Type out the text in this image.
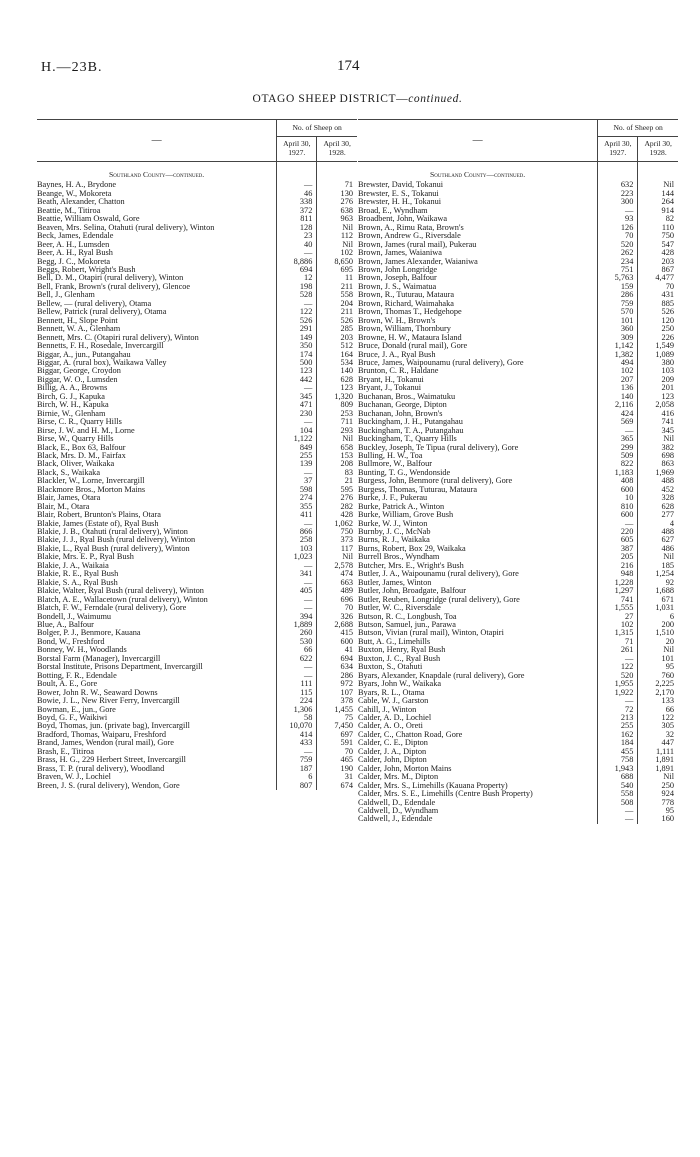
H.—23B.	174
OTAGO SHEEP DISTRICT—continued.
—	No. of Sheep on	
	April 30,
1927.	April 30,
1928.
Southland County—continued.		
Baynes, H. A., Brydone	—	71
Beange, W., Mokoreta	46	130
Beath, Alexander, Chatton	338	276
Beattie, M., Titiroa	372	638
Beattie, William Oswald, Gore	811	963
Beaven, Mrs. Selina, Otahuti (rural delivery), Winton	128	Nil
Beck, James, Edendale	23	112
Beer, A. H., Lumsden	40	Nil
Beer, A. H., Ryal Bush	—	102
Begg, J. C., Mokoreta	8,886	8,650
Beggs, Robert, Wright's Bush	694	695
Bell, D. M., Otapiri (rural delivery), Winton	12	11
Bell, Frank, Brown's (rural delivery), Glencoe	198	211
Bell, J., Glenham	528	558
Bellew, — (rural delivery), Otama	—	204
Bellew, Patrick (rural delivery), Otama	122	211
Bennett, H., Slope Point	526	526
Bennett, W. A., Glenham	291	285
Bennett, Mrs. C. (Otapiri rural delivery), Winton	149	203
Bennetts, F. H., Rosedale, Invercargill	350	512
Biggar, A., jun., Putangahau	174	164
Biggar, A. (rural box), Waikawa Valley	500	534
Biggar, George, Croydon	123	140
Biggar, W. O., Lumsden	442	628
Billig, A. A., Browns	—	123
Birch, G. J., Kapuka	345	1,320
Birch, W. H., Kapuka	471	809
Birnie, W., Glenham	230	253
Birse, C. R., Quarry Hills	—	711
Birse, J. W. and H. M., Lorne	104	293
Birse, W., Quarry Hills	1,122	Nil
Black, E., Box 63, Balfour	849	658
Black, Mrs. D. M., Fairfax	255	153
Black, Oliver, Waikaka	139	208
Black, S., Waikaka	—	83
Blackler, W., Lorne, Invercargill	37	21
Blackmore Bros., Morton Mains	598	595
Blair, James, Otara	274	276
Blair, M., Otara	355	282
Blair, Robert, Brunton's Plains, Otara	411	428
Blakie, James (Estate of), Ryal Bush	—	1,062
Blakie, J. B., Otahuti (rural delivery), Winton	866	750
Blakie, J. J., Ryal Bush (rural delivery), Winton	258	373
Blakie, L., Ryal Bush (rural delivery), Winton	103	117
Blakie, Mrs. E. P., Ryal Bush	1,023	Nil
Blakie, J. A., Waikaia	—	2,578
Blakie, R. E., Ryal Bush	341	474
Blakie, S. A., Ryal Bush	—	663
Blakie, Walter, Ryal Bush (rural delivery), Winton	405	489
Blatch, A. E., Wallacetown (rural delivery), Winton	—	696
Blatch, F. W., Ferndale (rural delivery), Gore	—	70
Bondell, J., Waimumu	394	326
Blue, A., Balfour	1,889	2,688
Bolger, P. J., Benmore, Kauana	260	415
Bond, W., Freshford	530	600
Bonney, W. H., Woodlands	66	41
Borstal Farm (Manager), Invercargill	622	694
Borstal Institute, Prisons Department, Invercargill	—	634
Botting, F. R., Edendale	—	286
Boult, A. E., Gore	111	972
Bower, John R. W., Seaward Downs	115	107
Bowie, J. L., New River Ferry, Invercargill	224	378
Bowman, E., jun., Gore	1,306	1,455
Boyd, G. F., Waikiwi	58	75
Boyd, Thomas, jun. (private bag), Invercargill	10,070	7,450
Bradford, Thomas, Waiparu, Freshford	414	697
Brand, James, Wendon (rural mail), Gore	433	591
Brash, E., Titiroa	—	70
Brass, H. G., 229 Herbert Street, Invercargill	759	465
Brass, T. P. (rural delivery), Woodland	187	190
Braven, W. J., Lochiel	6	31
Breen, J. S. (rural delivery), Wendon, Gore	807	674
—	No. of Sheep on	
	April 30,
1927.	April 30,
1928.
Southland County—continued.		
Brewster, David, Tokanui	632	Nil
Brewster, E. S., Tokanui	223	144
Brewster, H. H., Tokanui	300	264
Broad, E., Wyndham	—	914
Broadbent, John, Waikawa	93	82
Brown, A., Rimu Rata, Brown's	126	110
Brown, Andrew G., Riversdale	70	750
Brown, James (rural mail), Pukerau	520	547
Brown, James, Waianiwa	262	428
Brown, James Alexander, Waianiwa	234	203
Brown, John Longridge	751	867
Brown, Joseph, Balfour	5,763	4,477
Brown, J. S., Waimatua	159	70
Brown, R., Tuturau, Mataura	286	431
Brown, Richard, Waimahaka	759	885
Brown, Thomas T., Hedgehope	570	526
Brown, W. H., Brown's	101	120
Brown, William, Thornbury	360	250
Browne, H. W., Mataura Island	309	226
Bruce, Donald (rural mail), Gore	1,142	1,549
Bruce, J. A., Ryal Bush	1,382	1,089
Bruce, James, Waipounamu (rural delivery), Gore	494	380
Brunton, C. R., Haldane	102	103
Bryant, H., Tokanui	207	209
Bryant, J., Tokanui	136	201
Buchanan, Bros., Waimatuku	140	123
Buchanan, George, Dipton	2,116	2,058
Buchanan, John, Brown's	424	416
Buckingham, J. H., Putangahau	569	741
Buckingham, T. A., Putangahau	—	345
Buckingham, T., Quarry Hills	365	Nil
Buckley, Joseph, Te Tipua (rural delivery), Gore	299	382
Bulling, H. W., Toa	509	698
Bullmore, W., Balfour	822	863
Bunting, T. G., Wendonside	1,183	1,969
Burgess, John, Benmore (rural delivery), Gore	408	488
Burgess, Thomas, Tuturau, Mataura	600	452
Burke, J. F., Pukerau	10	328
Burke, Patrick A., Winton	810	628
Burke, William, Grove Bush	600	277
Burke, W. J., Winton	—	4
Burnby, J. C., McNab	220	488
Burns, R. J., Waikaka	605	627
Burns, Robert, Box 29, Waikaka	387	486
Burrell Bros., Wyndham	205	Nil
Butcher, Mrs. E., Wright's Bush	216	185
Butler, J. A., Waipounamu (rural delivery), Gore	948	1,254
Butler, James, Winton	1,228	92
Butler, John, Broadgate, Balfour	1,297	1,688
Butler, Reuben, Longridge (rural delivery), Gore	741	671
Butler, W. C., Riversdale	1,555	1,031
Butson, R. C., Longbush, Toa	27	6
Butson, Samuel, jun., Parawa	102	200
Butson, Vivian (rural mail), Winton, Otapiri	1,315	1,510
Butt, A. G., Limehills	71	20
Buxton, Henry, Ryal Bush	261	Nil
Buxton, J. C., Ryal Bush	—	101
Buxton, S., Otahuti	122	95
Byars, Alexander, Knapdale (rural delivery), Gore	520	760
Byars, John W., Waikaka	1,955	2,225
Byars, R. L., Otama	1,922	2,170
Cable, W. J., Garston	—	133
Cahill, J., Winton	72	66
Calder, A. D., Lochiel	213	122
Calder, A. O., Oreti	255	305
Calder, C., Chatton Road, Gore	162	32
Calder, C. E., Dipton	184	447
Calder, J. A., Dipton	455	1,111
Calder, John, Dipton	758	1,891
Calder, John, Morton Mains	1,943	1,891
Calder, Mrs. M., Dipton	688	Nil
Calder, Mrs. S., Limehills (Kauana Property)	540	250
Calder, Mrs. S. E., Limehills (Centre Bush Property)	558	924
Caldwell, D., Edendale	508	778
Caldwell, D., Wyndham	—	95
Caldwell, J., Edendale	—	160
